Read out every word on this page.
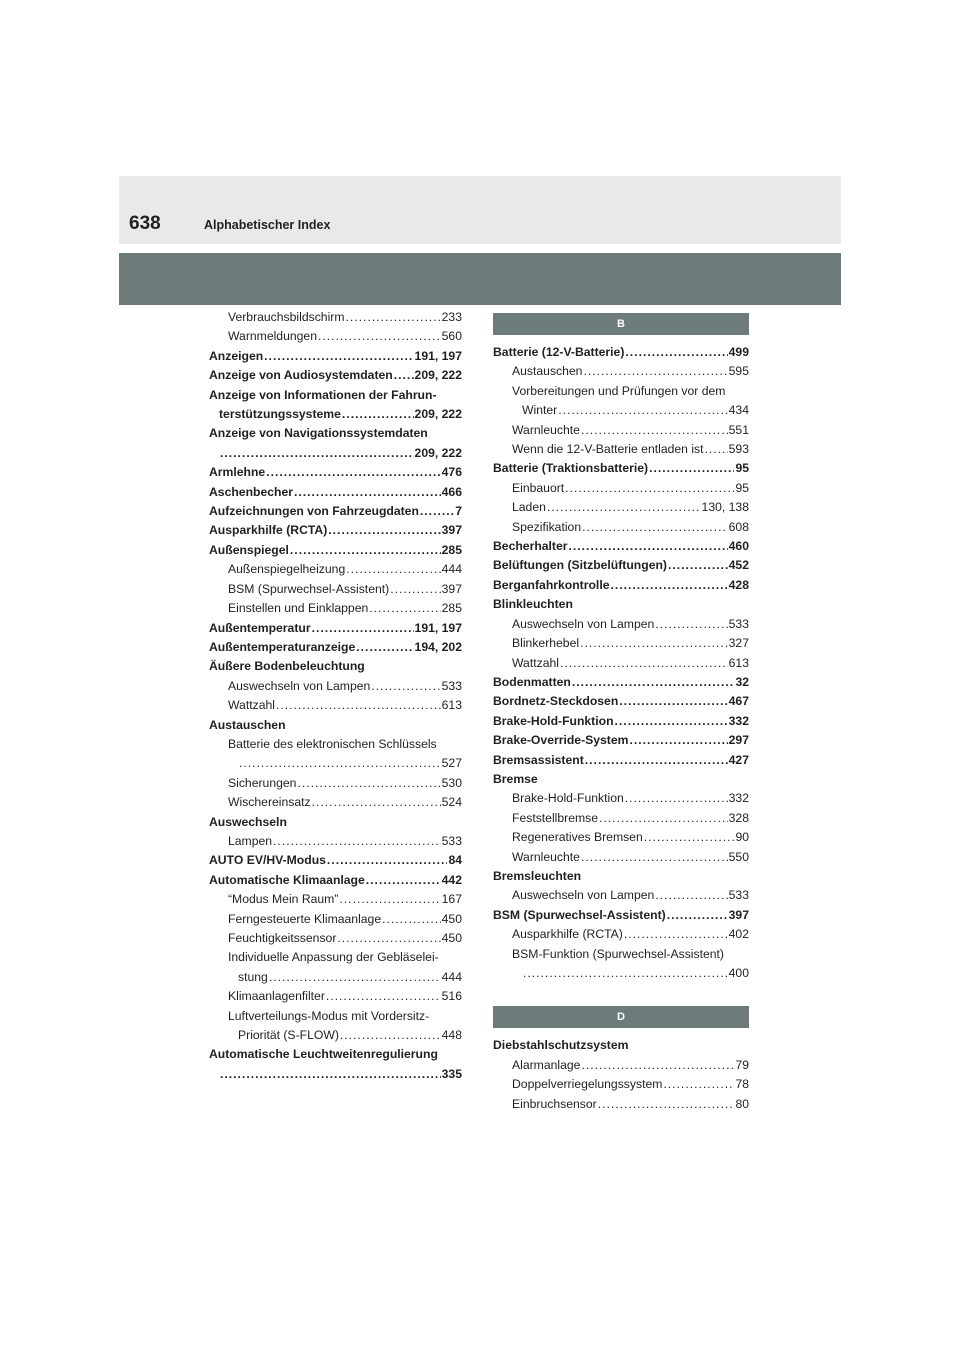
638	Alphabetischer Index
Verbrauchsbildschirm .....	233
Warnmeldungen .....	560
Anzeigen .....	191, 197
Anzeige von Audiosystemdaten ..... 209, 222
Anzeige von Informationen der Fahrun-
terstützungssysteme .....	209, 222
Anzeige von Navigationssystemdaten
.....
209, 222
Armlehne .....	476
Aschenbecher .....	466
Aufzeichnungen von Fahrzeugdaten .....	7
Ausparkhilfe (RCTA) .....	397
Außenspiegel .....	285
Außenspiegelheizung .....	444
BSM (Spurwechsel-Assistent) .....	397
Einstellen und Einklappen .....	285
Außentemperatur .....	191, 197
Außentemperaturanzeige .....	194, 202
Äußere Bodenbeleuchtung
Auswechseln von Lampen .....	533
Wattzahl .....	613
Austauschen
Batterie des elektronischen Schlüssels
.....
527
Sicherungen .....	530
Wischereinsatz .....	524
Auswechseln
Lampen .....	533
AUTO EV/HV-Modus .....	84
Automatische Klimaanlage .....	442
“Modus Mein Raum” .....	167
Ferngesteuerte Klimaanlage .....	450
Feuchtigkeitssensor .....	450
Individuelle Anpassung der Gebläselei-
stung .....	444
Klimaanlagenfilter .....	516
Luftverteilungs-Modus mit Vordersitz-
Priorität (S-FLOW) .....	448
Automatische Leuchtweitenregulierung
.....
335
B
Batterie (12-V-Batterie) .....	499
Austauschen .....	595
Vorbereitungen und Prüfungen vor dem
Winter .....	434
Warnleuchte .....	551
Wenn die 12-V-Batterie entladen ist ..... 593
Batterie (Traktionsbatterie) .....	95
Einbauort .....	95
Laden .....	130, 138
Spezifikation .....	608
Becherhalter .....	460
Belüftungen (Sitzbelüftungen) .....	452
Berganfahrkontrolle .....	428
Blinkleuchten
Auswechseln von Lampen .....	533
Blinkerhebel .....	327
Wattzahl .....	613
Bodenmatten .....	32
Bordnetz-Steckdosen .....	467
Brake-Hold-Funktion .....	332
Brake-Override-System .....	297
Bremsassistent .....	427
Bremse
Brake-Hold-Funktion .....	332
Feststellbremse .....	328
Regeneratives Bremsen .....	90
Warnleuchte .....	550
Bremsleuchten
Auswechseln von Lampen .....	533
BSM (Spurwechsel-Assistent) .....	397
Ausparkhilfe (RCTA) .....	402
BSM-Funktion (Spurwechsel-Assistent)
.....
400
D
Diebstahlschutzsystem
Alarmanlage .....	79
Doppelverriegelungssystem .....	78
Einbruchsensor .....	80
